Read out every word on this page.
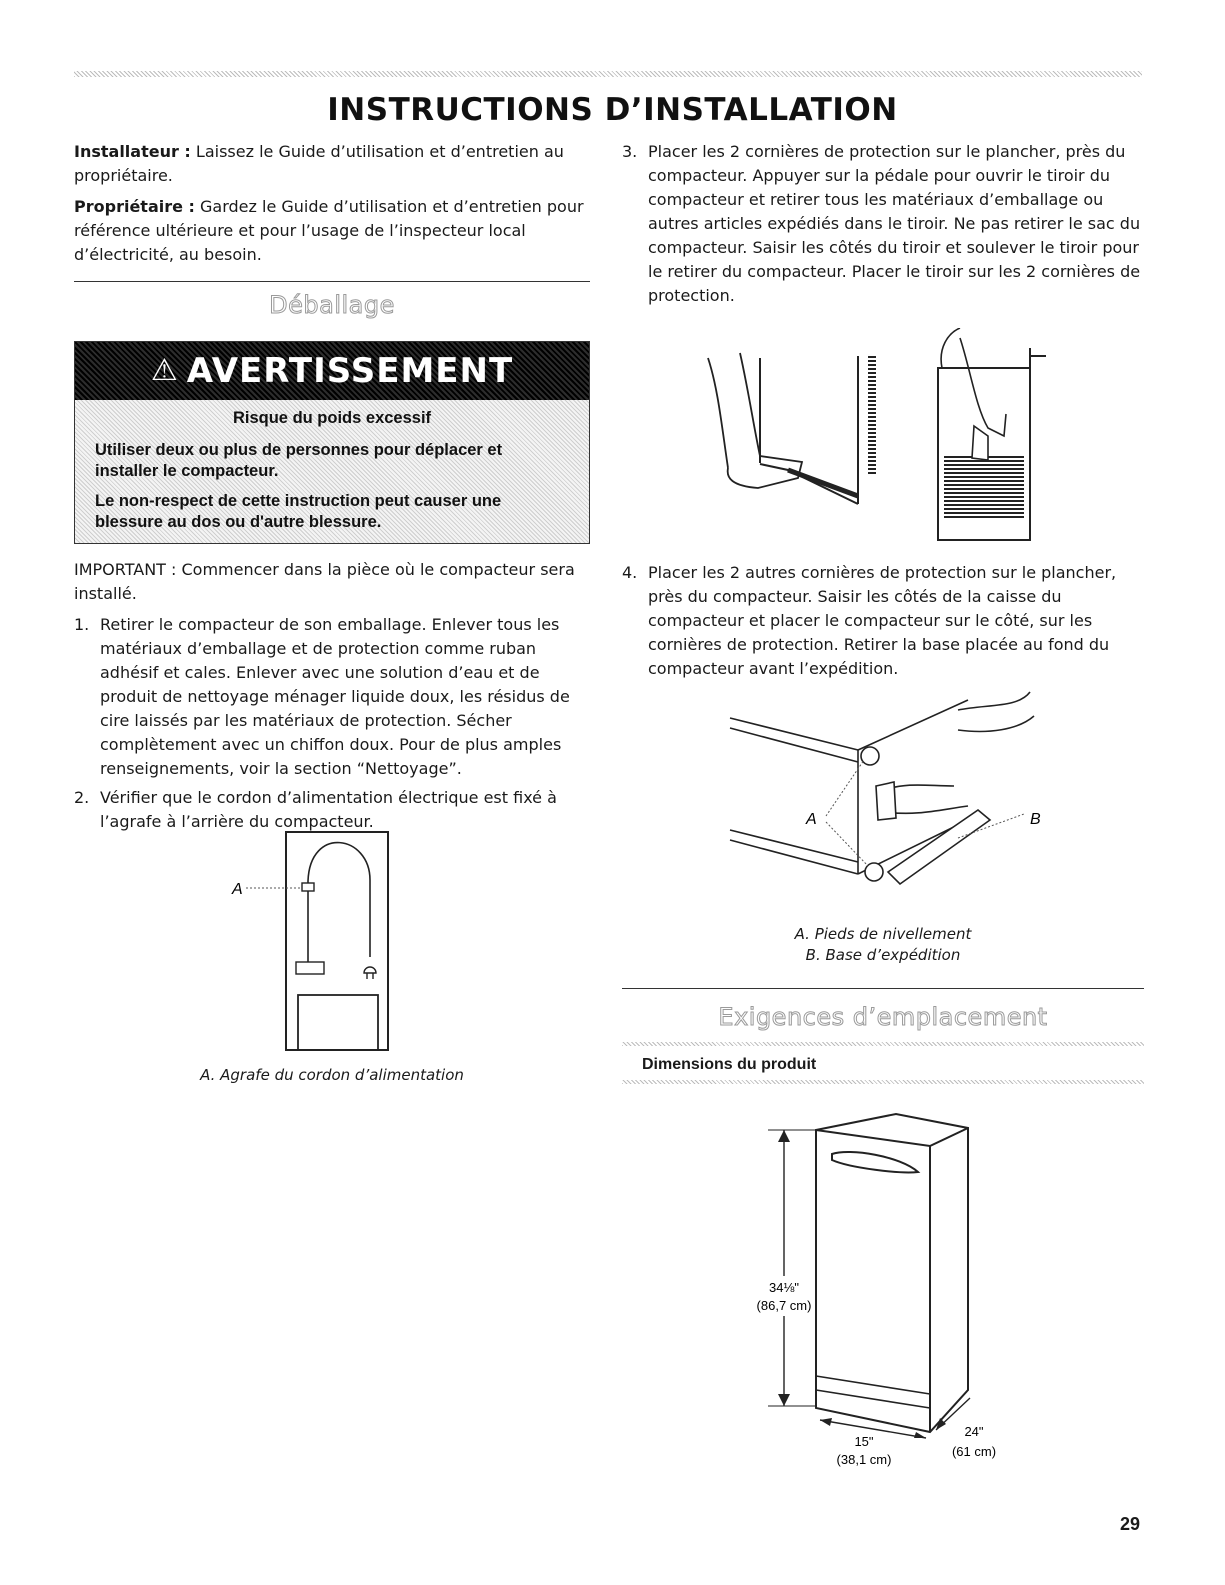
INSTRUCTIONS D’INSTALLATION

Installateur : Laissez le Guide d’utilisation et d’entretien au propriétaire.

Propriétaire : Gardez le Guide d’utilisation et d’entretien pour référence ultérieure et pour l’usage de l’inspecteur local d’électricité, au besoin.

Déballage
⚠ AVERTISSEMENT
Risque du poids excessif
Utiliser deux ou plus de personnes pour déplacer et installer le compacteur.
Le non-respect de cette instruction peut causer une blessure au dos ou d'autre blessure.

IMPORTANT : Commencer dans la pièce où le compacteur sera installé.

1. Retirer le compacteur de son emballage. Enlever tous les matériaux d’emballage et de protection comme ruban adhésif et cales. Enlever avec une solution d’eau et de produit de nettoyage ménager liquide doux, les résidus de cire laissés par les matériaux de protection. Sécher complètement avec un chiffon doux. Pour de plus amples renseignements, voir la section “Nettoyage”.
2. Vérifier que le cordon d’alimentation électrique est fixé à l’agrafe à l’arrière du compacteur.
A
A. Agrafe du cordon d’alimentation
3. Placer les 2 cornières de protection sur le plancher, près du compacteur. Appuyer sur la pédale pour ouvrir le tiroir du compacteur et retirer tous les matériaux d’emballage ou autres articles expédiés dans le tiroir. Ne pas retirer le sac du compacteur. Saisir les côtés du tiroir et soulever le tiroir pour le retirer du compacteur. Placer le tiroir sur les 2 cornières de protection.
4. Placer les 2 autres cornières de protection sur le plancher, près du compacteur. Saisir les côtés de la caisse du compacteur et placer le compacteur sur le côté, sur les cornières de protection. Retirer la base placée au fond du compacteur avant l’expédition.
A	B
A. Pieds de nivellement
B. Base d’expédition
Exigences d’emplacement
Dimensions du produit
34⅛"
(86,7 cm)
15"
(38,1 cm)
24"
(61 cm)
29
